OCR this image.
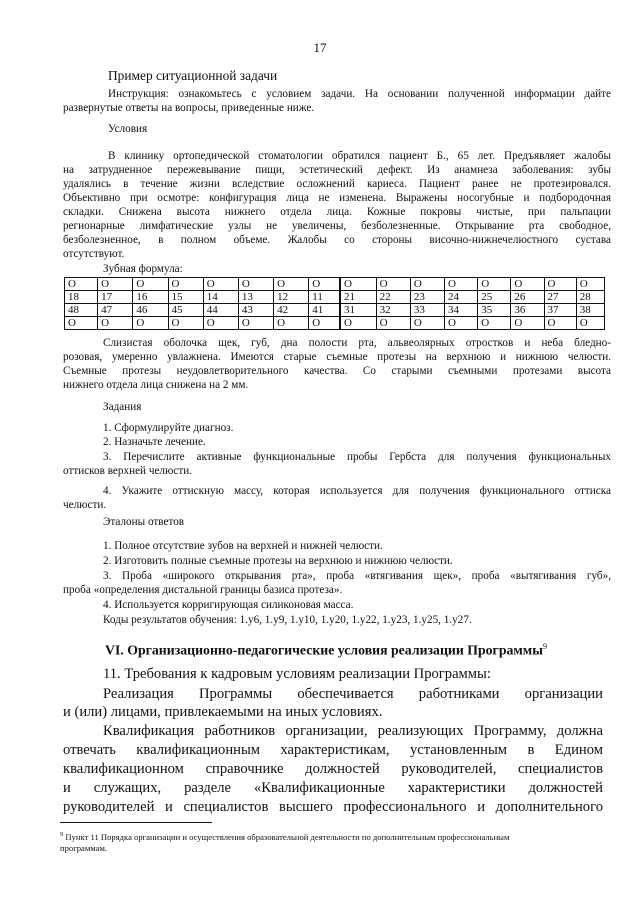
17
Пример ситуационной задачи
Инструкция: ознакомьтесь с условием задачи. На основании полученной информации дайте
развернутые ответы на вопросы, приведенные ниже.
Условия
В клинику ортопедической стоматологии обратился пациент Б., 65 лет. Предъявляет жалобы
на затрудненное пережевывание пищи, эстетический дефект. Из анамнеза заболевания: зубы
удалялись в течение жизни вследствие осложнений кариеса. Пациент ранее не протезировался.
Объективно при осмотре: конфигурация лица не изменена. Выражены носогубные и подбородочная
складки. Снижена высота нижнего отдела лица. Кожные покровы чистые, при пальпации
регионарные лимфатические узлы не увеличены, безболезненные. Открывание рта свободное,
безболезненное, в полном объеме. Жалобы со стороны височно-нижнечелюстного сустава
отсутствуют.
Зубная формула:
O	O	O	O	O	O	O	O	O	O	O	O	O	O	O	O
18	17	16	15	14	13	12	11	21	22	23	24	25	26	27	28
48	47	46	45	44	43	42	41	31	32	33	34	35	36	37	38
O	O	O	O	O	O	O	O	O	O	O	O	O	O	O	O
Слизистая оболочка щек, губ, дна полости рта, альвеолярных отростков и неба бледно-
розовая, умеренно увлажнена. Имеются старые съемные протезы на верхнюю и нижнюю челюсти.
Съемные протезы неудовлетворительного качества. Со старыми съемными протезами высота
нижнего отдела лица снижена на 2 мм.
Задания
1. Сформулируйте диагноз.
2. Назначьте лечение.
3. Перечислите активные функциональные пробы Гербста для получения функциональных
оттисков верхней челюсти.
4. Укажите оттискную массу, которая используется для получения функционального оттиска
челюсти.
Эталоны ответов
1. Полное отсутствие зубов на верхней и нижней челюсти.
2. Изготовить полные съемные протезы на верхнюю и нижнюю челюсти.
3. Проба «широкого открывания рта», проба «втягивания щек», проба «вытягивания губ»,
проба «определения дистальной границы базиса протеза».
4. Используется корригирующая силиконовая масса.
Коды результатов обучения: 1.у6, 1.у9, 1.у10, 1.у20, 1.у22, 1.у23, 1.у25, 1.у27.
VI. Организационно-педагогические условия реализации Программы$^9$
11. Требования к кадровым условиям реализации Программы:
Реализация Программы обеспечивается работниками организации
и (или) лицами, привлекаемыми на иных условиях.
Квалификация работников организации, реализующих Программу, должна
отвечать квалификационным характеристикам, установленным в Едином
квалификационном справочнике должностей руководителей, специалистов
и служащих, разделе «Квалификационные характеристики должностей
руководителей и специалистов высшего профессионального и дополнительного
$^9$ Пункт 11 Порядка организации и осуществления образовательной деятельности по дополнительным профессиональным
программам.
